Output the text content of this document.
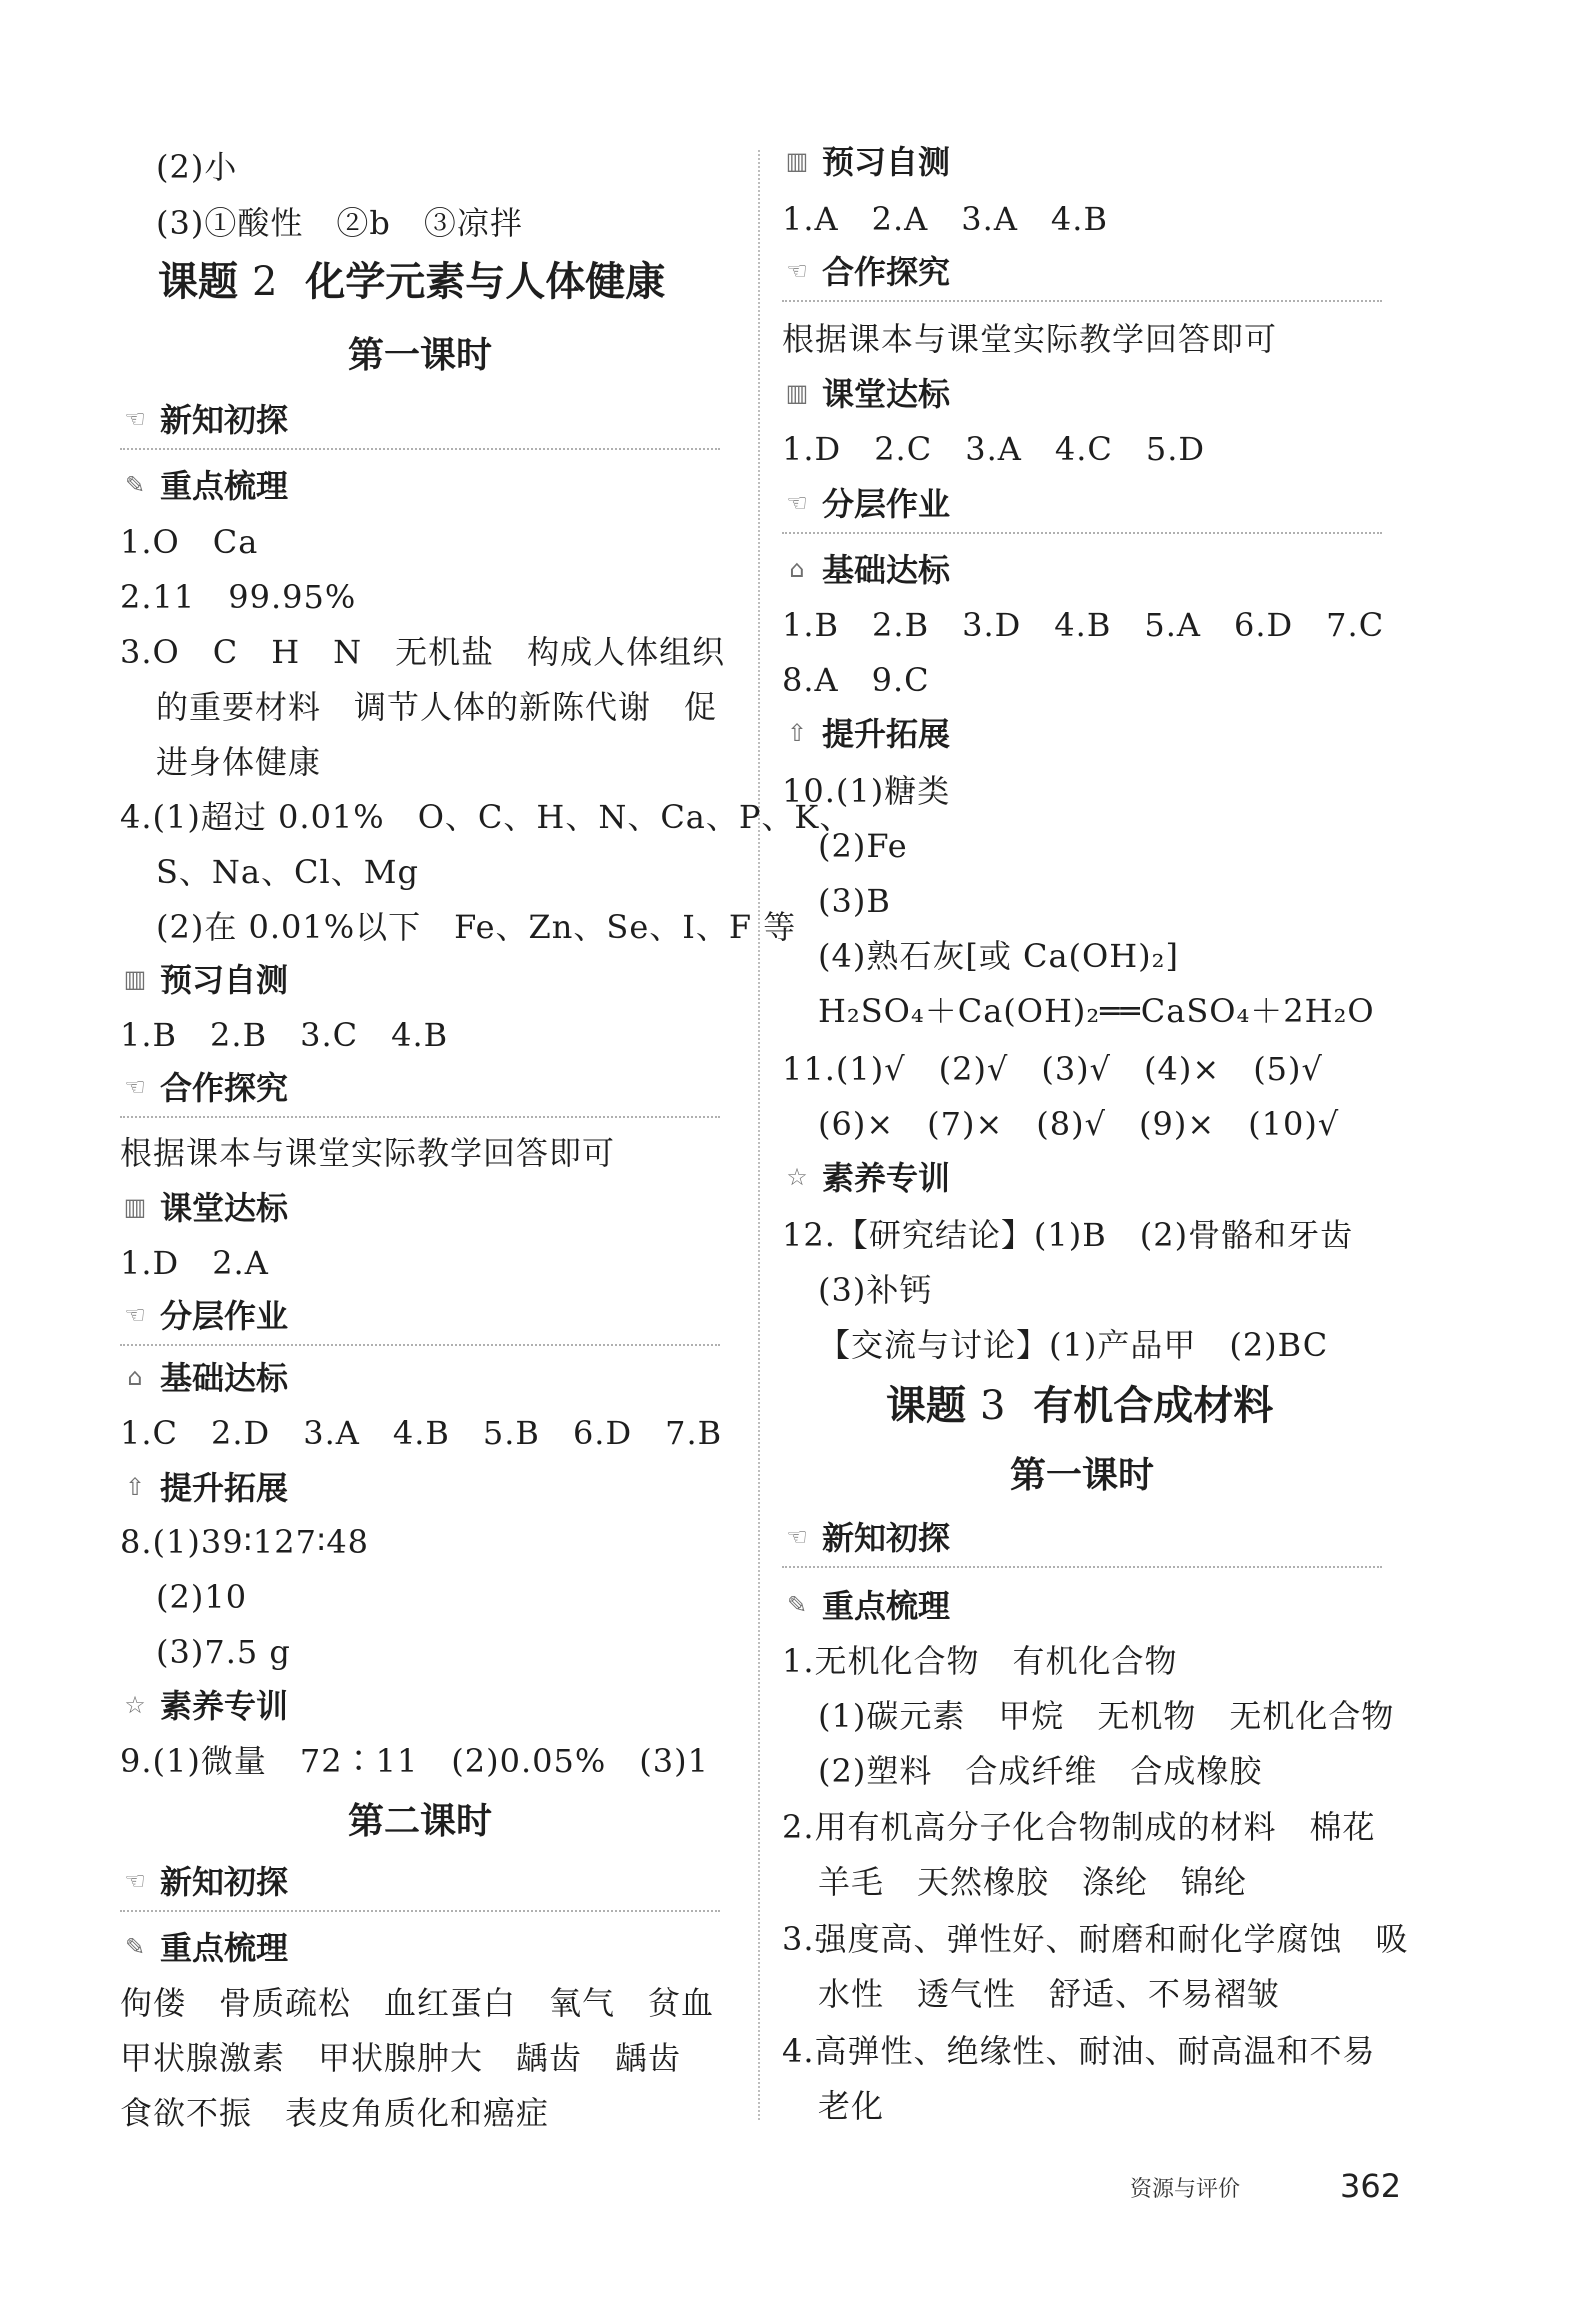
(2)小
(3)①酸性　②b　③凉拌
课题 2 化学元素与人体健康
第一课时
☜ 新知初探
✎ 重点梳理
1.O　Ca
2.11　99.95%
3.O　C　H　N　无机盐　构成人体组织
的重要材料　调节人体的新陈代谢　促
进身体健康
4.(1)超过 0.01%　O、C、H、N、Ca、P、K、
S、Na、Cl、Mg
(2)在 0.01%以下　Fe、Zn、Se、I、F 等
▥ 预习自测
1.B　2.B　3.C　4.B
☜ 合作探究
根据课本与课堂实际教学回答即可
▥ 课堂达标
1.D　2.A
☜ 分层作业
⌂ 基础达标
1.C　2.D　3.A　4.B　5.B　6.D　7.B
⇧ 提升拓展
8.(1)39∶127∶48
(2)10
(3)7.5 g
☆ 素养专训
9.(1)微量　72∶11　(2)0.05%　(3)1
第二课时
☜ 新知初探
✎ 重点梳理
佝偻　骨质疏松　血红蛋白　氧气　贫血
甲状腺激素　甲状腺肿大　龋齿　龋齿
食欲不振　表皮角质化和癌症
▥ 预习自测
1.A　2.A　3.A　4.B
☜ 合作探究
根据课本与课堂实际教学回答即可
▥ 课堂达标
1.D　2.C　3.A　4.C　5.D
☜ 分层作业
⌂ 基础达标
1.B　2.B　3.D　4.B　5.A　6.D　7.C
8.A　9.C
⇧ 提升拓展
10.(1)糖类
(2)Fe
(3)B
(4)熟石灰[或 Ca(OH)₂]
H₂SO₄＋Ca(OH)₂══CaSO₄＋2H₂O
11.(1)√　(2)√　(3)√　(4)×　(5)√
(6)×　(7)×　(8)√　(9)×　(10)√
☆ 素养专训
12.【研究结论】(1)B　(2)骨骼和牙齿
(3)补钙
【交流与讨论】(1)产品甲　(2)BC
课题 3 有机合成材料
第一课时
☜ 新知初探
✎ 重点梳理
1.无机化合物　有机化合物
(1)碳元素　甲烷　无机物　无机化合物
(2)塑料　合成纤维　合成橡胶
2.用有机高分子化合物制成的材料　棉花
羊毛　天然橡胶　涤纶　锦纶
3.强度高、弹性好、耐磨和耐化学腐蚀　吸
水性　透气性　舒适、不易褶皱
4.高弹性、绝缘性、耐油、耐高温和不易
老化
资源与评价	362
